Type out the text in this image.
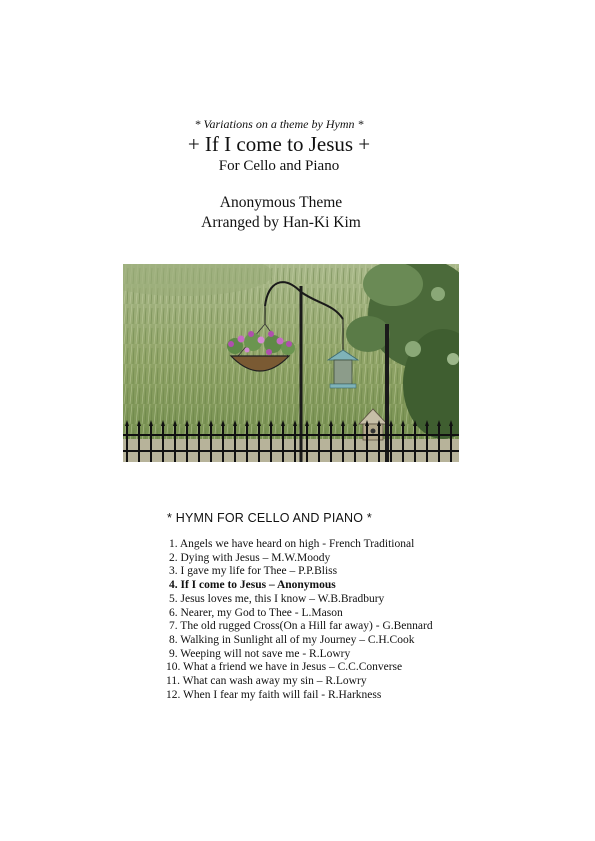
* Variations on a theme by Hymn *
+ If I come to Jesus +
For Cello and Piano
Anonymous Theme
Arranged by Han-Ki Kim
* HYMN FOR CELLO AND PIANO *
1. Angels we have heard on high - French Traditional
2. Dying with Jesus – M.W.Moody
3. I gave my life for Thee – P.P.Bliss
4. If I come to Jesus – Anonymous
5. Jesus loves me, this I know – W.B.Bradbury
6. Nearer, my God to Thee - L.Mason
7. The old rugged Cross(On a Hill far away) - G.Bennard
8. Walking in Sunlight all of my Journey – C.H.Cook
9. Weeping will not save me - R.Lowry
10. What a friend we have in Jesus – C.C.Converse
11. What can wash away my sin – R.Lowry
12. When I fear my faith will fail - R.Harkness
